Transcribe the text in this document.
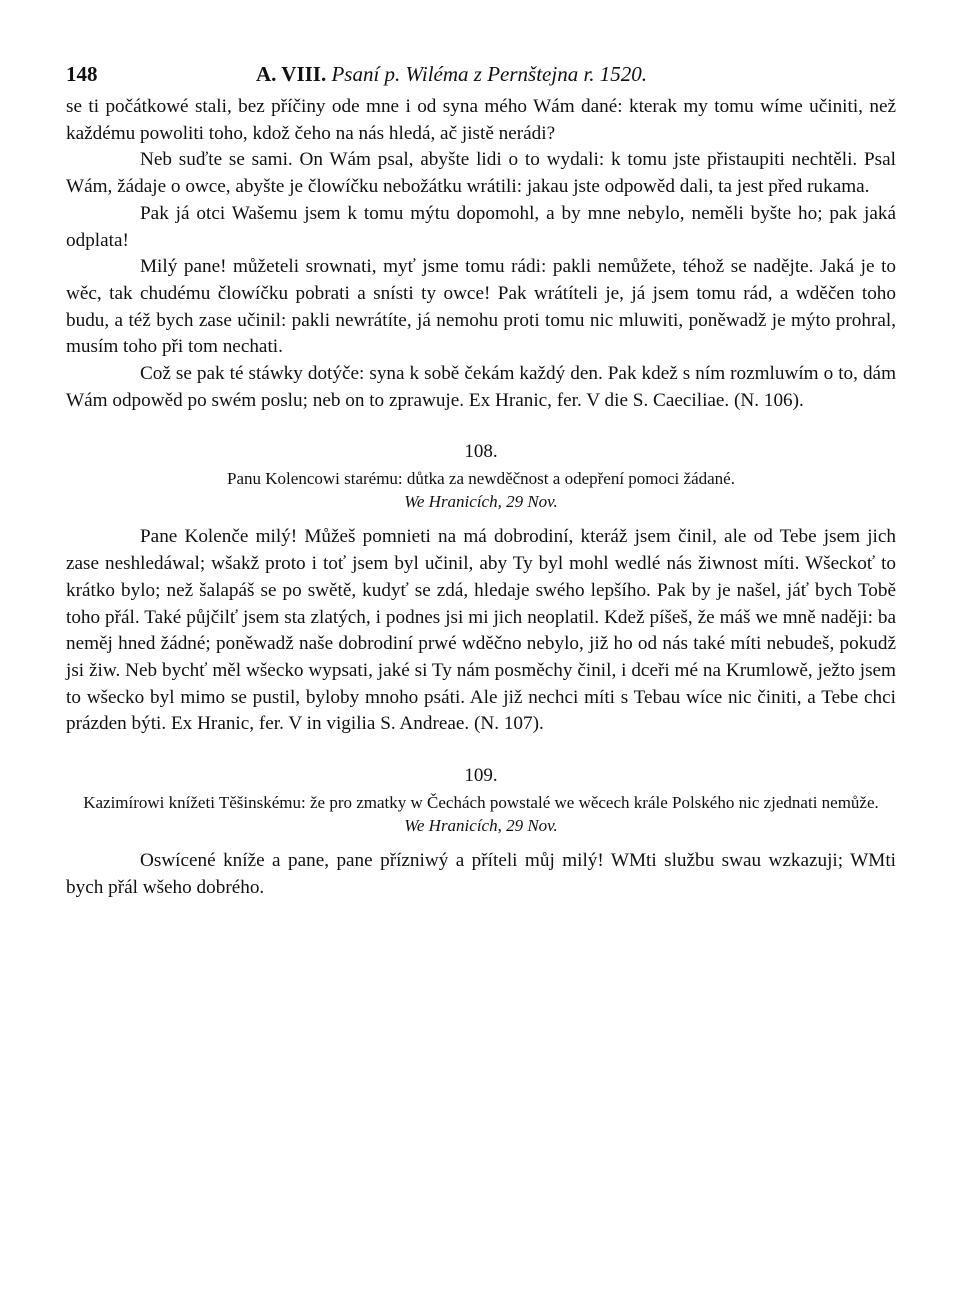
148	A. VIII. Psaní p. Wiléma z Pernštejna r. 1520.

se ti počátkowé stali, bez příčiny ode mne i od syna mého Wám dané: kterak my tomu wíme učiniti, než každému powoliti toho, kdož čeho na nás hledá, ač jistě nerádi?

Neb suďte se sami. On Wám psal, abyšte lidi o to wydali: k tomu jste přistaupiti nechtěli. Psal Wám, žádaje o owce, abyšte je člowíčku nebožátku wrátili: jakau jste odpowěd dali, ta jest před rukama.

Pak já otci Wašemu jsem k tomu mýtu dopomohl, a by mne nebylo, neměli byšte ho; pak jaká odplata!

Milý pane! můžeteli srownati, myť jsme tomu rádi: pakli nemůžete, téhož se naděјte. Jaká je to wěc, tak chudému člowíčku pobrati a snísti ty owce! Pak wrátíteli je, já jsem tomu rád, a wděčen toho budu, a též bych zase učinil: pakli newrátíte, já nemohu proti tomu nic mluwiti, poněwadž je mýto prohral, musím toho při tom nechati.

Což se pak té stáwky dotýče: syna k sobě čekám každý den. Pak kdež s ním rozmluwím o to, dám Wám odpowěd po swém poslu; neb on to zprawuje. Ex Hranic, fer. V die S. Caeciliae. (N. 106).

108.
Panu Kolencowi starému: důtka za newděčnost a odepření pomoci žádané.
We Hranicích, 29 Nov.

Pane Kolenče milý! Můžeš pomnieti na má dobrodiní, kteráž jsem činil, ale od Tebe jsem jich zase neshledáwal; wšakž proto i toť jsem byl učinil, aby Ty byl mohl wedlé nás žiwnost míti. Wšeckoť to krátko bylo; než šalapáš se po swětě, kudyť se zdá, hledaje swého lepšího. Pak by je našel, jáť bych Tobě toho přál. Také půjčilť jsem sta zlatých, i podnes jsi mi jich neoplatil. Kdež píšeš, že máš we mně naději: ba neměj hned žádné; poněwadž naše dobrodiní prwé wděčno nebylo, již ho od nás také míti nebudeš, pokudž jsi žiw. Neb bychť měl wšecko wypsati, jaké si Ty nám posměchy činil, i dceři mé na Krumlowě, ježto jsem to wšecko byl mimo se pustil, byloby mnoho psáti. Ale již nechci míti s Tebau wíce nic činiti, a Tebe chci prázden býti. Ex Hranic, fer. V in vigilia S. Andreae. (N. 107).

109.
Kazimírowi knížeti Těšinskému: že pro zmatky w Čechách powstalé we wěcech krále Polského nic zjednati nemůže.
We Hranicích, 29 Nov.

Oswícené kníže a pane, pane příznіwý a příteli můj milý! WMti službu swau wzkazuji; WMti bych přál wšeho dobrého.
